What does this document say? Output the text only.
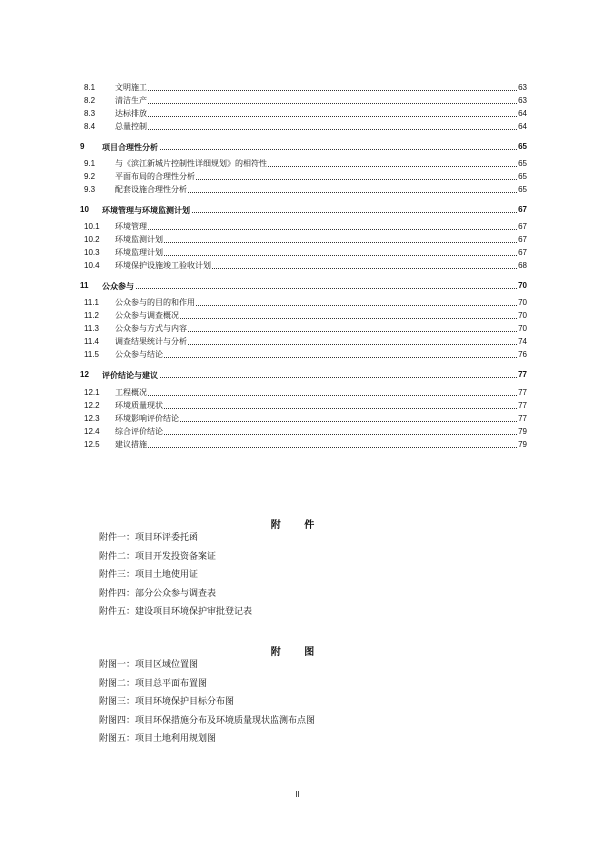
8.1 文明施工	63
8.2 清洁生产	63
8.3 达标排放	64
8.4 总量控制	64
9 项目合理性分析	65
9.1 与《滨江新城片控制性详细规划》的相符性	65
9.2 平面布局的合理性分析	65
9.3 配套设施合理性分析	65
10 环境管理与环境监测计划	67
10.1 环境管理	67
10.2 环境监测计划	67
10.3 环境监理计划	67
10.4 环境保护设施竣工验收计划	68
11 公众参与	70
11.1 公众参与的目的和作用	70
11.2 公众参与调查概况	70
11.3 公众参与方式与内容	70
11.4 调查结果统计与分析	74
11.5 公众参与结论	76
12 评价结论与建议	77
12.1 工程概况	77
12.2 环境质量现状	77
12.3 环境影响评价结论	77
12.4 综合评价结论	79
12.5 建议措施	79
附 件
附件一：项目环评委托函
附件二：项目开发投资备案证
附件三：项目土地使用证
附件四：部分公众参与调查表
附件五：建设项目环境保护审批登记表
附 图
附图一：项目区域位置图
附图二：项目总平面布置图
附图三：项目环境保护目标分布图
附图四：项目环保措施分布及环境质量现状监测布点图
附图五：项目土地利用规划图
II
